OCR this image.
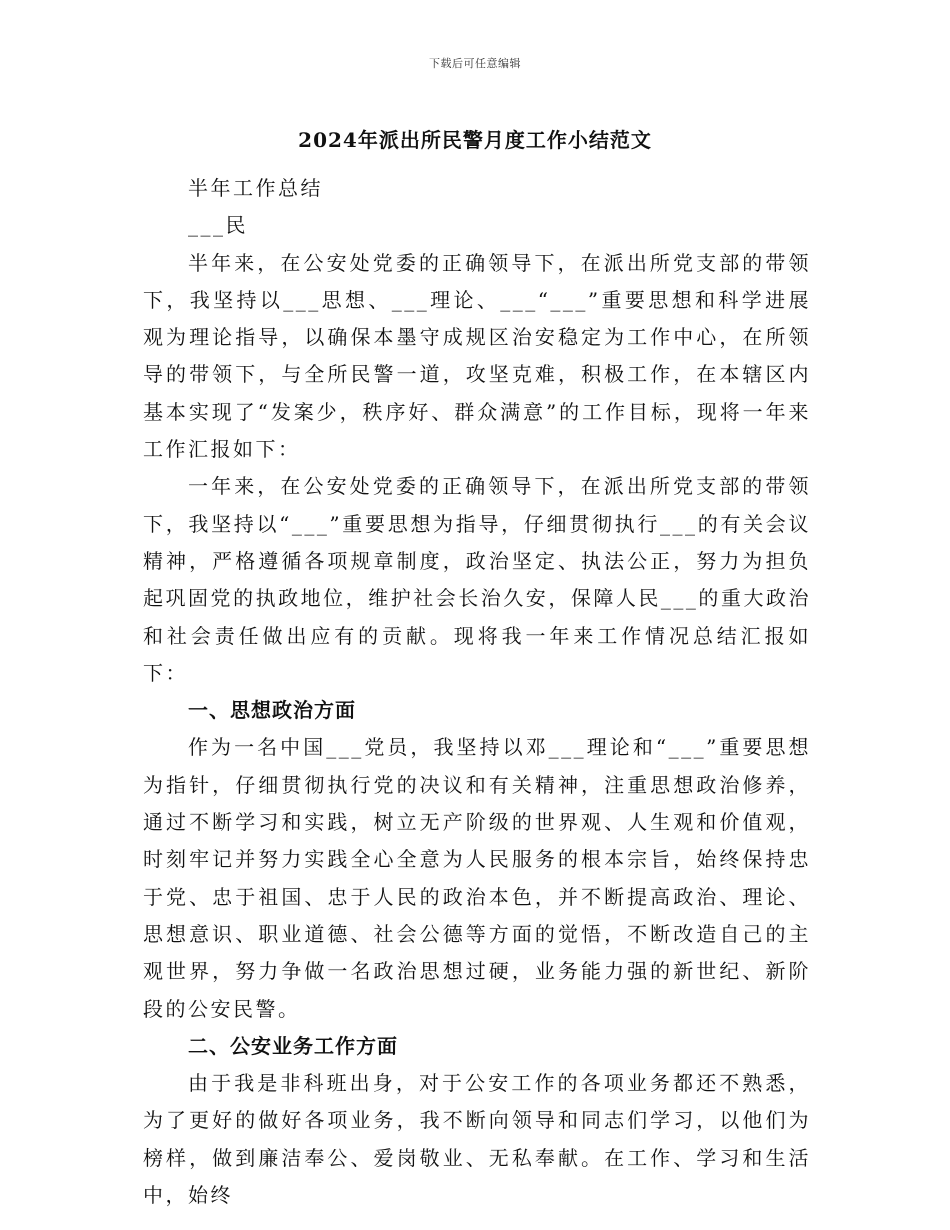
下载后可任意编辑
2024年派出所民警月度工作小结范文

半年工作总结

___民

半年来，在公安处党委的正确领导下，在派出所党支部的带领下，我坚持以___思想、___理论、___“___”重要思想和科学进展观为理论指导，以确保本墨守成规区治安稳定为工作中心，在所领导的带领下，与全所民警一道，攻坚克难，积极工作，在本辖区内基本实现了“发案少，秩序好、群众满意”的工作目标，现将一年来工作汇报如下：

一年来，在公安处党委的正确领导下，在派出所党支部的带领下，我坚持以“___”重要思想为指导，仔细贯彻执行___的有关会议精神，严格遵循各项规章制度，政治坚定、执法公正，努力为担负起巩固党的执政地位，维护社会长治久安，保障人民___的重大政治和社会责任做出应有的贡献。现将我一年来工作情况总结汇报如下：

一、思想政治方面

作为一名中国___党员，我坚持以邓___理论和“___”重要思想为指针，仔细贯彻执行党的决议和有关精神，注重思想政治修养，通过不断学习和实践，树立无产阶级的世界观、人生观和价值观，时刻牢记并努力实践全心全意为人民服务的根本宗旨，始终保持忠于党、忠于祖国、忠于人民的政治本色，并不断提高政治、理论、思想意识、职业道德、社会公德等方面的觉悟，不断改造自己的主观世界，努力争做一名政治思想过硬，业务能力强的新世纪、新阶段的公安民警。

二、公安业务工作方面

由于我是非科班出身，对于公安工作的各项业务都还不熟悉，为了更好的做好各项业务，我不断向领导和同志们学习，以他们为榜样，做到廉洁奉公、爱岗敬业、无私奉献。在工作、学习和生活中，始终
